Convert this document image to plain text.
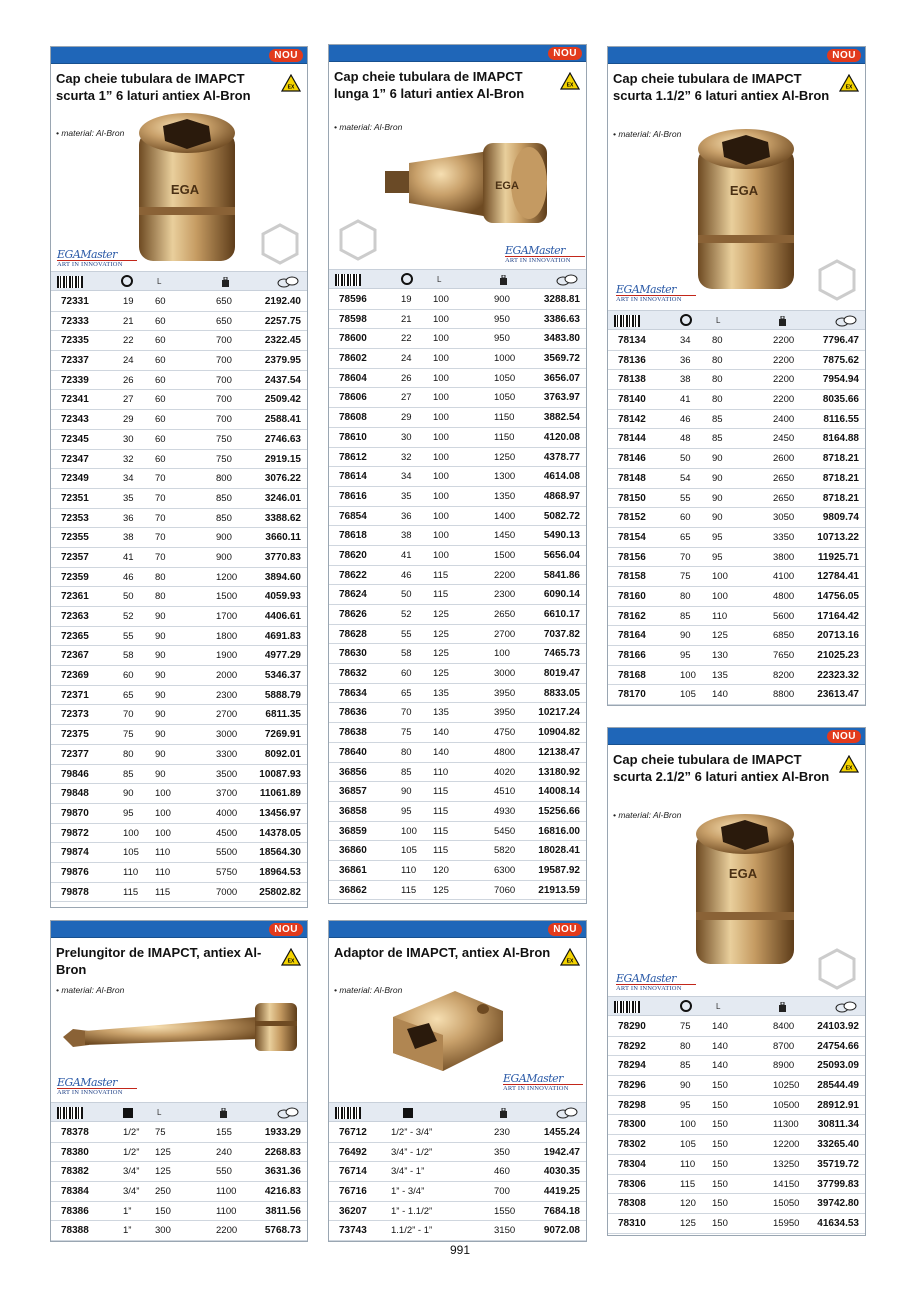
NOU
Cap cheie tubulara de IMAPCT scurta 1” 6 laturi antiex Al-Bron
EX
• material: Al-Bron
EGA
EGAMaster
ART IN INNOVATION
L
72331	19 60	650	2192.40
72333	21 60	650	2257.75
72335	22 60	700	2322.45
72337	24 60	700	2379.95
72339	26 60	700	2437.54
72341	27 60	700	2509.42
72343	29 60	700	2588.41
72345	30 60	750	2746.63
72347	32 60	750	2919.15
72349	34 70	800	3076.22
72351	35 70	850	3246.01
72353	36 70	850	3388.62
72355	38 70	900	3660.11
72357	41 70	900	3770.83
72359	46 80	1200	3894.60
72361	50 80	1500	4059.93
72363	52 90	1700	4406.61
72365	55 90	1800	4691.83
72367	58 90	1900	4977.29
72369	60 90	2000	5346.37
72371	65 90	2300	5888.79
72373	70 90	2700	6811.35
72375	75 90	3000	7269.91
72377	80 90	3300	8092.01
79846	85 90	3500 10087.93
79848	90 100	3700 11061.89
79870	95 100	4000 13456.97
79872	100 100	4500 14378.05
79874	105 110	5500 18564.30
79876	110 110	5750 18964.53
79878	115 115	7000 25802.82
NOU
Cap cheie tubulara de IMAPCT lunga 1” 6 laturi antiex Al-Bron
EX
• material: Al-Bron
EGA
EGAMaster
ART IN INNOVATION
L
78596	19 100	900	3288.81
78598	21 100	950	3386.63
78600	22 100	950	3483.80
78602	24 100	1000	3569.72
78604	26 100	1050	3656.07
78606	27 100	1050	3763.97
78608	29 100	1150	3882.54
78610	30 100	1150	4120.08
78612	32 100	1250	4378.77
78614	34 100	1300	4614.08
78616	35 100	1350	4868.97
76854	36 100	1400	5082.72
78618	38 100	1450	5490.13
78620	41 100	1500	5656.04
78622	46 115	2200	5841.86
78624	50 115	2300	6090.14
78626	52 125	2650	6610.17
78628	55 125	2700	7037.82
78630	58 125	100	7465.73
78632	60 125	3000	8019.47
78634	65 135	3950	8833.05
78636	70 135	3950 10217.24
78638	75 140	4750 10904.82
78640	80 140	4800 12138.47
36856	85 110	4020 13180.92
36857	90 115	4510 14008.14
36858	95 115	4930 15256.66
36859	100 115	5450 16816.00
36860	105 115	5820 18028.41
36861	110 120	6300 19587.92
36862	115 125	7060 21913.59
NOU
Cap cheie tubulara de IMAPCT scurta 1.1/2” 6 laturi antiex Al-Bron
EX
• material: Al-Bron
EGA
EGAMaster
ART IN INNOVATION
L
78134	34 80	2200	7796.47
78136	36 80	2200	7875.62
78138	38 80	2200	7954.94
78140	41 80	2200	8035.66
78142	46 85	2400	8116.55
78144	48 85	2450	8164.88
78146	50 90	2600	8718.21
78148	54 90	2650	8718.21
78150	55 90	2650	8718.21
78152	60 90	3050	9809.74
78154	65 95	3350 10713.22
78156	70 95	3800 11925.71
78158	75 100	4100 12784.41
78160	80 100	4800 14756.05
78162	85 110	5600 17164.42
78164	90 125	6850 20713.16
78166	95 130	7650 21025.23
78168	100 135	8200 22323.32
78170	105 140	8800 23613.47
NOU
Cap cheie tubulara de IMAPCT scurta 2.1/2” 6 laturi antiex Al-Bron
EX
• material: Al-Bron
EGA
EGAMaster
ART IN INNOVATION
L
78290	75 140	8400 24103.92
78292	80 140	8700 24754.66
78294	85 140	8900 25093.09
78296	90 150	10250 28544.49
78298	95 150	10500 28912.91
78300	100 150	11300 30811.34
78302	105 150	12200 33265.40
78304	110 150	13250 35719.72
78306	115 150	14150 37799.83
78308	120 150	15050 39742.80
78310	125 150	15950 41634.53
NOU
Prelungitor de IMAPCT, antiex Al-Bron
EX
• material: Al-Bron
EGAMaster
ART IN INNOVATION
L
78378	1/2” 75	155	1933.29
78380	1/2” 125	240	2268.83
78382	3/4” 125	550	3631.36
78384	3/4” 250	1100	4216.83
78386	1” 150	1100	3811.56
78388	1” 300	2200	5768.73
NOU
Adaptor de IMAPCT, antiex Al-Bron
EX
• material: Al-Bron
EGAMaster
ART IN INNOVATION
76712	1/2” - 3/4”	230	1455.24
76492	3/4” - 1/2”	350	1942.47
76714	3/4” - 1”	460	4030.35
76716	1” - 3/4”	700	4419.25
36207	1” - 1.1/2”	1550	7684.18
73743	1.1/2” - 1”	3150	9072.08
991
